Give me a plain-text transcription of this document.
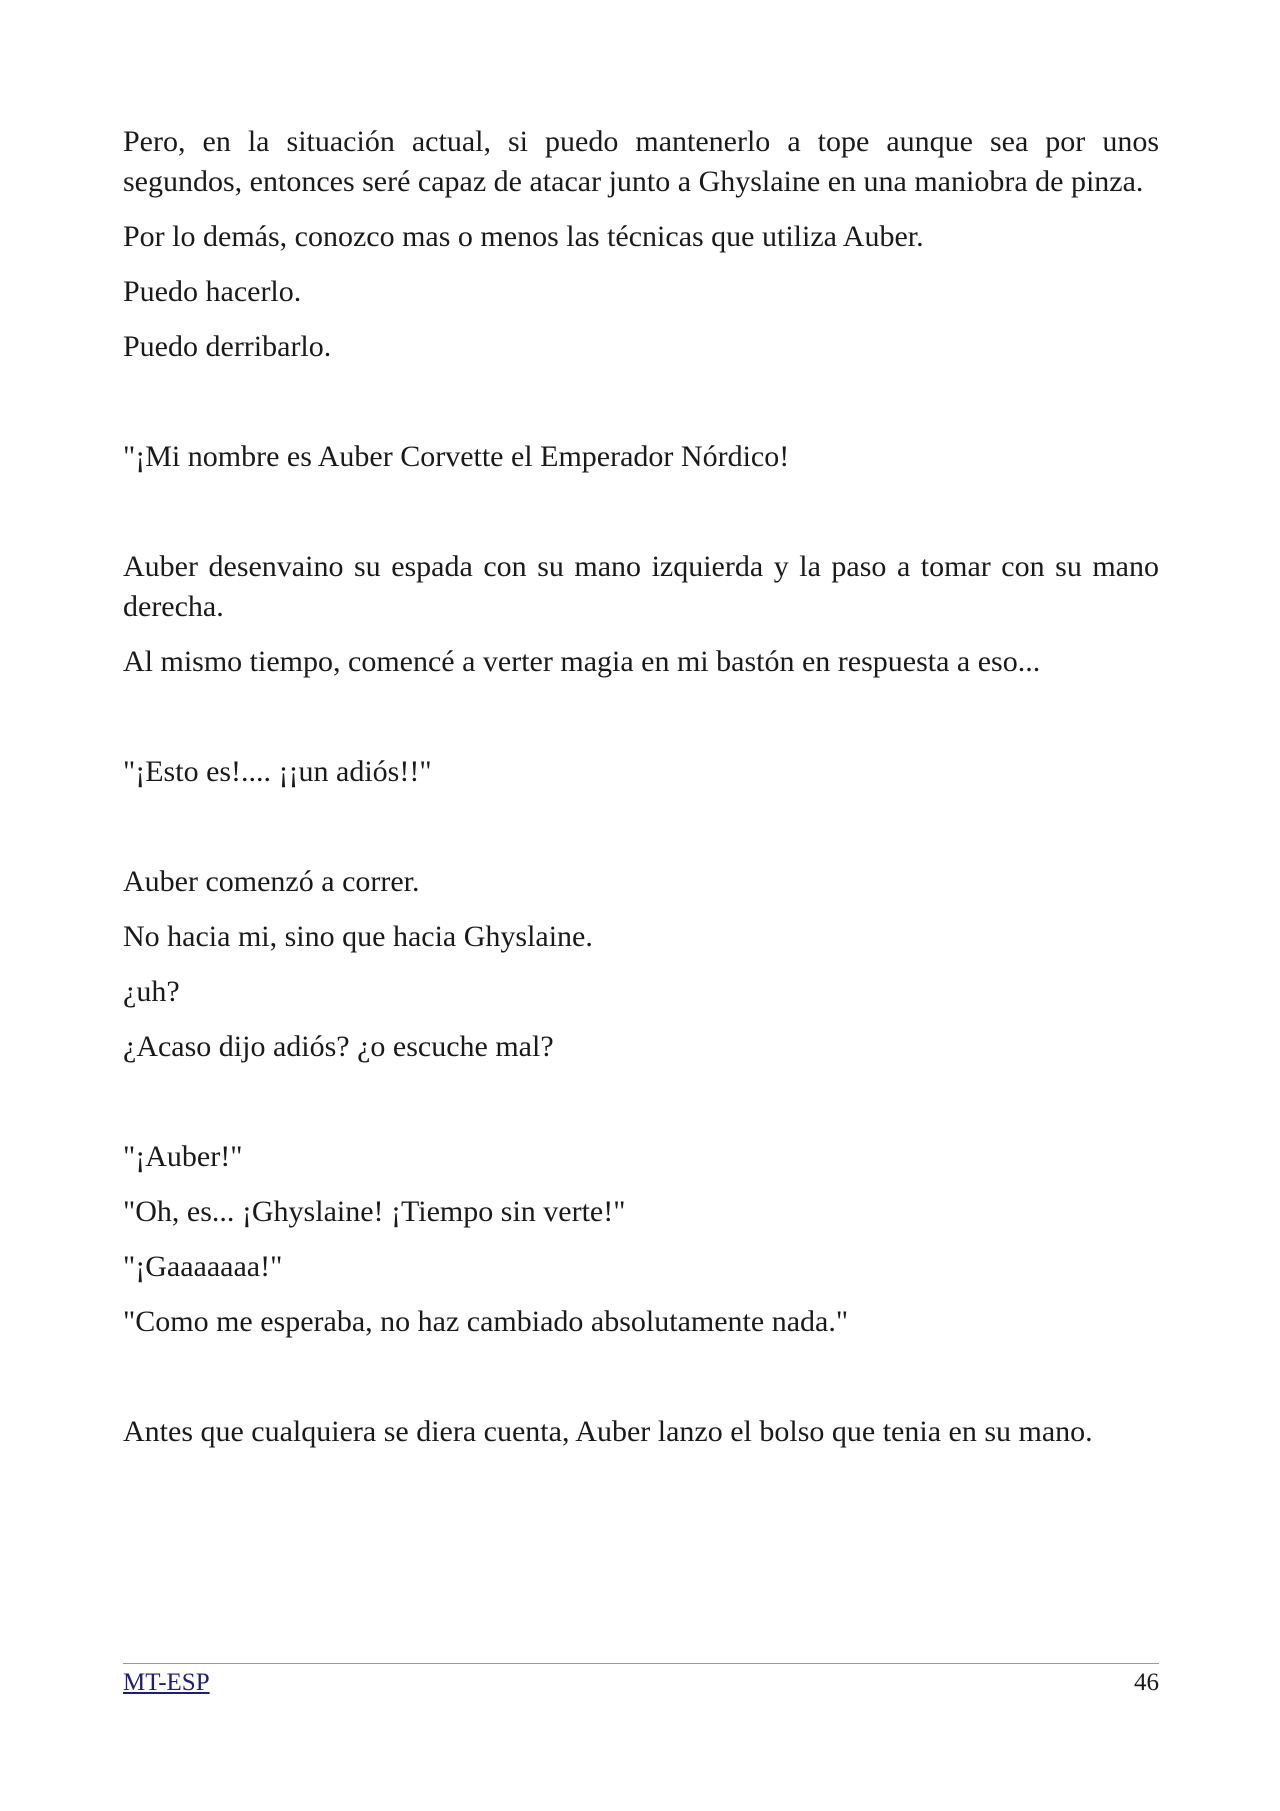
Pero, en la situación actual, si puedo mantenerlo a tope aunque sea por unos segundos, entonces seré capaz de atacar junto a Ghyslaine en una maniobra de pinza.

Por lo demás, conozco mas o menos las técnicas que utiliza Auber.

Puedo hacerlo.

Puedo derribarlo.

"¡Mi nombre es Auber Corvette el Emperador Nórdico!

Auber desenvaino su espada con su mano izquierda y la paso a tomar con su mano derecha.

Al mismo tiempo, comencé a verter magia en mi bastón en respuesta a eso...

"¡Esto es!.... ¡¡un adiós!!"

Auber comenzó a correr.

No hacia mi, sino que hacia Ghyslaine.

¿uh?

¿Acaso dijo adiós? ¿o escuche mal?

"¡Auber!"

"Oh, es... ¡Ghyslaine! ¡Tiempo sin verte!"

"¡Gaaaaaaa!"

"Como me esperaba, no haz cambiado absolutamente nada."

Antes que cualquiera se diera cuenta, Auber lanzo el bolso que tenia en su mano.

MT-ESP	46
